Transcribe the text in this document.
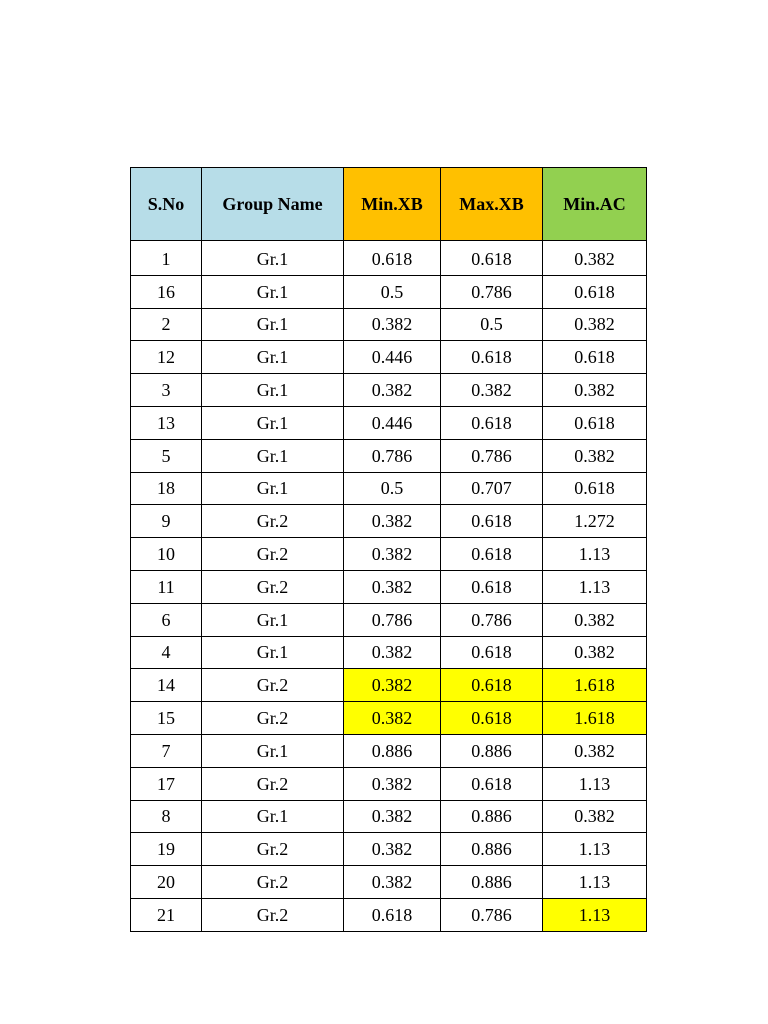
S.No	Group Name	Min.XB	Max.XB	Min.AC
1	Gr.1	0.618	0.618	0.382
16	Gr.1	0.5	0.786	0.618
2	Gr.1	0.382	0.5	0.382
12	Gr.1	0.446	0.618	0.618
3	Gr.1	0.382	0.382	0.382
13	Gr.1	0.446	0.618	0.618
5	Gr.1	0.786	0.786	0.382
18	Gr.1	0.5	0.707	0.618
9	Gr.2	0.382	0.618	1.272
10	Gr.2	0.382	0.618	1.13
11	Gr.2	0.382	0.618	1.13
6	Gr.1	0.786	0.786	0.382
4	Gr.1	0.382	0.618	0.382
14	Gr.2	0.382	0.618	1.618
15	Gr.2	0.382	0.618	1.618
7	Gr.1	0.886	0.886	0.382
17	Gr.2	0.382	0.618	1.13
8	Gr.1	0.382	0.886	0.382
19	Gr.2	0.382	0.886	1.13
20	Gr.2	0.382	0.886	1.13
21	Gr.2	0.618	0.786	1.13
